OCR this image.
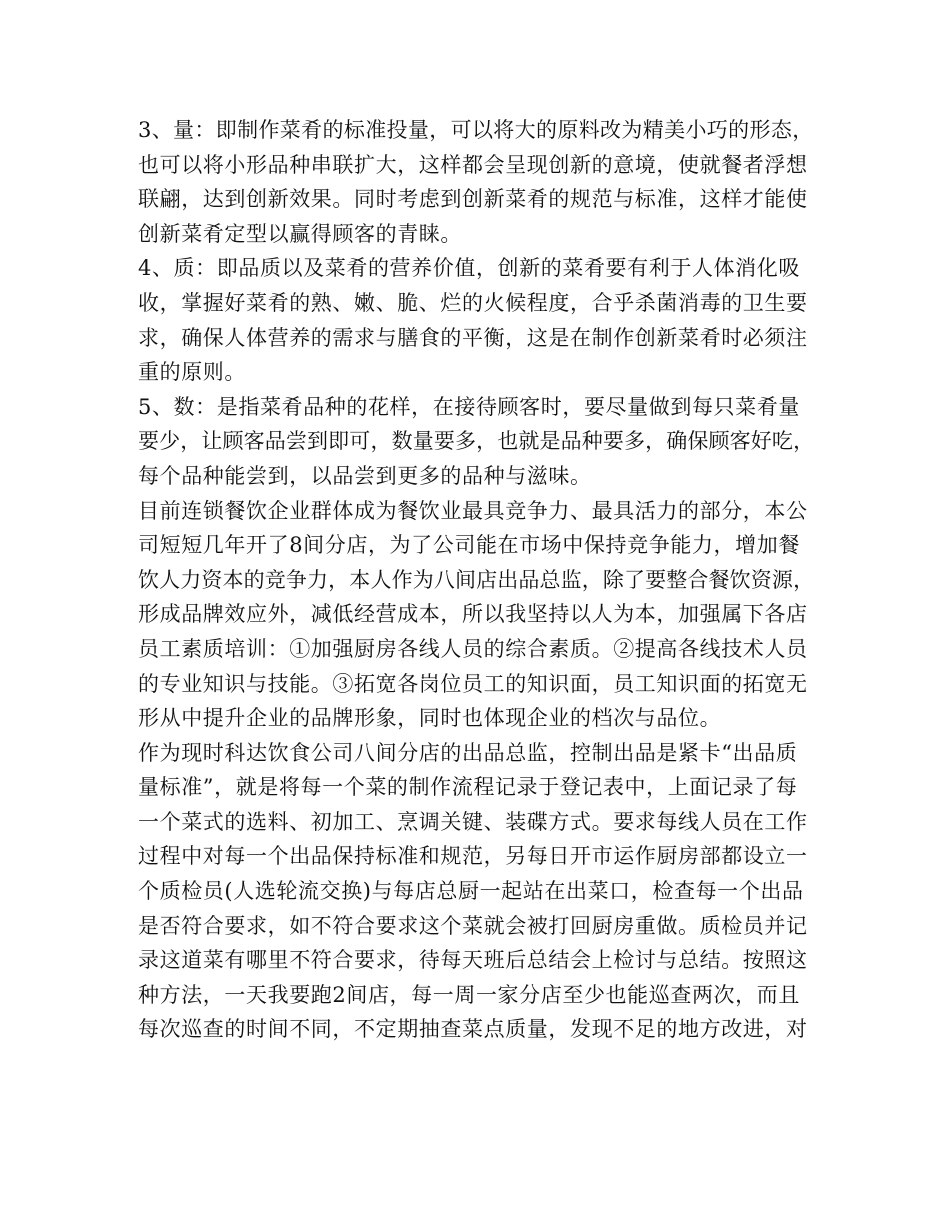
3、量：即制作菜肴的标准投量，可以将大的原料改为精美小巧的形态，
也可以将小形品种串联扩大，这样都会呈现创新的意境，使就餐者浮想
联翩，达到创新效果。同时考虑到创新菜肴的规范与标准，这样才能使
创新菜肴定型以赢得顾客的青睐。
4、质：即品质以及菜肴的营养价值，创新的菜肴要有利于人体消化吸
收，掌握好菜肴的熟、嫩、脆、烂的火候程度，合乎杀菌消毒的卫生要
求，确保人体营养的需求与膳食的平衡，这是在制作创新菜肴时必须注
重的原则。
5、数：是指菜肴品种的花样，在接待顾客时，要尽量做到每只菜肴量
要少，让顾客品尝到即可，数量要多，也就是品种要多，确保顾客好吃，
每个品种能尝到，以品尝到更多的品种与滋味。
目前连锁餐饮企业群体成为餐饮业最具竞争力、最具活力的部分，本公
司短短几年开了8间分店，为了公司能在市场中保持竞争能力，增加餐
饮人力资本的竞争力，本人作为八间店出品总监，除了要整合餐饮资源，
形成品牌效应外，减低经营成本，所以我坚持以人为本，加强属下各店
员工素质培训：①加强厨房各线人员的综合素质。②提高各线技术人员
的专业知识与技能。③拓宽各岗位员工的知识面，员工知识面的拓宽无
形从中提升企业的品牌形象，同时也体现企业的档次与品位。
作为现时科达饮食公司八间分店的出品总监，控制出品是紧卡“出品质
量标准”，就是将每一个菜的制作流程记录于登记表中，上面记录了每
一个菜式的选料、初加工、烹调关键、装碟方式。要求每线人员在工作
过程中对每一个出品保持标准和规范，另每日开市运作厨房部都设立一
个质检员(人选轮流交换)与每店总厨一起站在出菜口，检查每一个出品
是否符合要求，如不符合要求这个菜就会被打回厨房重做。质检员并记
录这道菜有哪里不符合要求，待每天班后总结会上检讨与总结。按照这
种方法，一天我要跑2间店，每一周一家分店至少也能巡查两次，而且
每次巡查的时间不同，不定期抽查菜点质量，发现不足的地方改进，对
